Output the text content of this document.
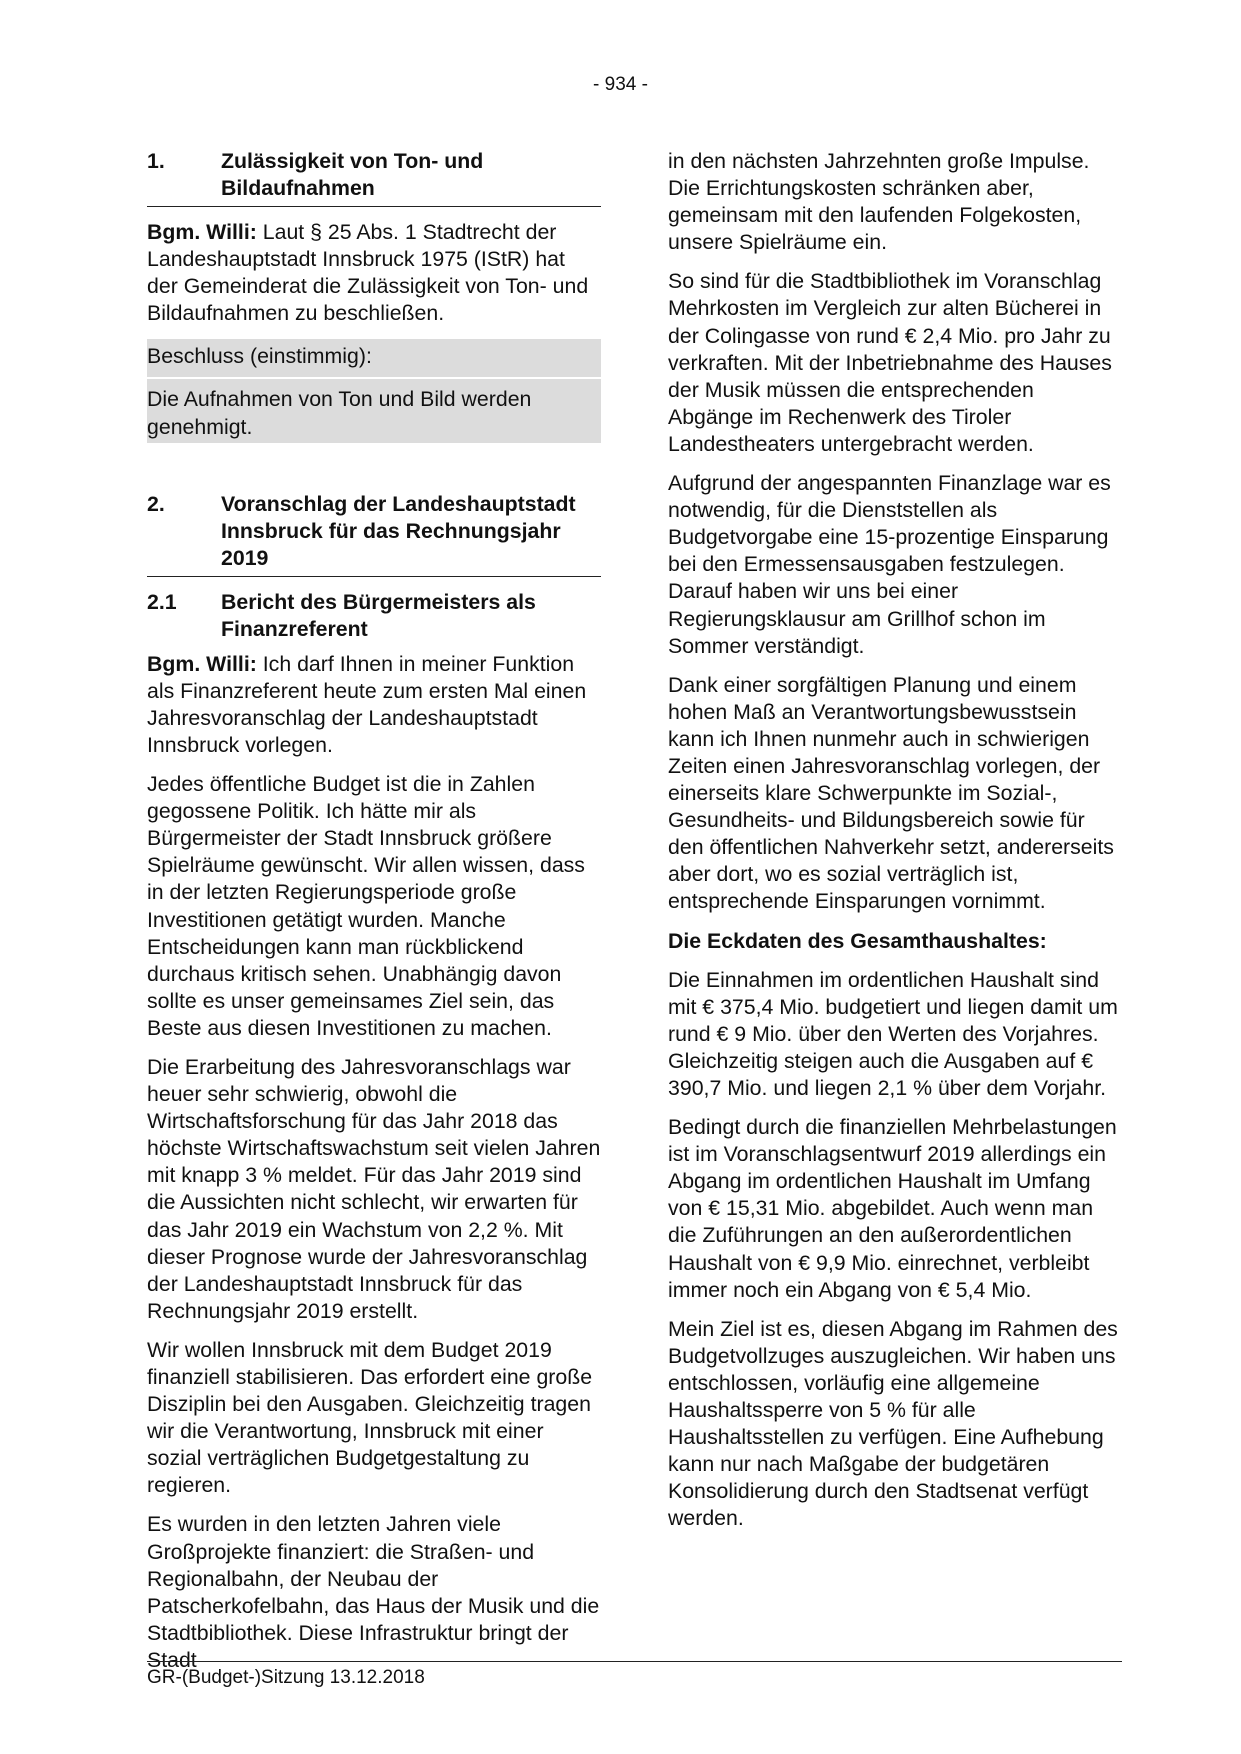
- 934 -
1.	Zulässigkeit von Ton- und Bildaufnahmen

Bgm. Willi: Laut § 25 Abs. 1 Stadtrecht der Landeshauptstadt Innsbruck 1975 (IStR) hat der Gemeinderat die Zulässigkeit von Ton- und Bildaufnahmen zu beschließen.

Beschluss (einstimmig):

Die Aufnahmen von Ton und Bild werden genehmigt.

2.	Voranschlag der Landeshauptstadt Innsbruck für das Rechnungsjahr 2019
2.1	Bericht des Bürgermeisters als Finanzreferent

Bgm. Willi: Ich darf Ihnen in meiner Funktion als Finanzreferent heute zum ersten Mal einen Jahresvoranschlag der Landeshauptstadt Innsbruck vorlegen.

Jedes öffentliche Budget ist die in Zahlen gegossene Politik. Ich hätte mir als Bürgermeister der Stadt Innsbruck größere Spielräume gewünscht. Wir allen wissen, dass in der letzten Regierungsperiode große Investitionen getätigt wurden. Manche Entscheidungen kann man rückblickend durchaus kritisch sehen. Unabhängig davon sollte es unser gemeinsames Ziel sein, das Beste aus diesen Investitionen zu machen.

Die Erarbeitung des Jahresvoranschlags war heuer sehr schwierig, obwohl die Wirtschaftsforschung für das Jahr 2018 das höchste Wirtschaftswachstum seit vielen Jahren mit knapp 3 % meldet. Für das Jahr 2019 sind die Aussichten nicht schlecht, wir erwarten für das Jahr 2019 ein Wachstum von 2,2 %. Mit dieser Prognose wurde der Jahresvoranschlag der Landeshauptstadt Innsbruck für das Rechnungsjahr 2019 erstellt.

Wir wollen Innsbruck mit dem Budget 2019 finanziell stabilisieren. Das erfordert eine große Disziplin bei den Ausgaben. Gleichzeitig tragen wir die Verantwortung, Innsbruck mit einer sozial verträglichen Budgetgestaltung zu regieren.

Es wurden in den letzten Jahren viele Großprojekte finanziert: die Straßen- und Regionalbahn, der Neubau der Patscherkofelbahn, das Haus der Musik und die Stadtbibliothek. Diese Infrastruktur bringt der Stadt

in den nächsten Jahrzehnten große Impulse. Die Errichtungskosten schränken aber, gemeinsam mit den laufenden Folgekosten, unsere Spielräume ein.

So sind für die Stadtbibliothek im Voranschlag Mehrkosten im Vergleich zur alten Bücherei in der Colingasse von rund € 2,4 Mio. pro Jahr zu verkraften. Mit der Inbetriebnahme des Hauses der Musik müssen die entsprechenden Abgänge im Rechenwerk des Tiroler Landestheaters untergebracht werden.

Aufgrund der angespannten Finanzlage war es notwendig, für die Dienststellen als Budgetvorgabe eine 15-prozentige Einsparung bei den Ermessensausgaben festzulegen. Darauf haben wir uns bei einer Regierungsklausur am Grillhof schon im Sommer verständigt.

Dank einer sorgfältigen Planung und einem hohen Maß an Verantwortungsbewusstsein kann ich Ihnen nunmehr auch in schwierigen Zeiten einen Jahresvoranschlag vorlegen, der einerseits klare Schwerpunkte im Sozial-, Gesundheits- und Bildungsbereich sowie für den öffentlichen Nahverkehr setzt, andererseits aber dort, wo es sozial verträglich ist, entsprechende Einsparungen vornimmt.

Die Eckdaten des Gesamthaushaltes:

Die Einnahmen im ordentlichen Haushalt sind mit € 375,4 Mio. budgetiert und liegen damit um rund € 9 Mio. über den Werten des Vorjahres. Gleichzeitig steigen auch die Ausgaben auf € 390,7 Mio. und liegen 2,1 % über dem Vorjahr.

Bedingt durch die finanziellen Mehrbelastungen ist im Voranschlagsentwurf 2019 allerdings ein Abgang im ordentlichen Haushalt im Umfang von € 15,31 Mio. abgebildet. Auch wenn man die Zuführungen an den außerordentlichen Haushalt von € 9,9 Mio. einrechnet, verbleibt immer noch ein Abgang von € 5,4 Mio.

Mein Ziel ist es, diesen Abgang im Rahmen des Budgetvollzuges auszugleichen. Wir haben uns entschlossen, vorläufig eine allgemeine Haushaltssperre von 5 % für alle Haushaltsstellen zu verfügen. Eine Aufhebung kann nur nach Maßgabe der budgetären Konsolidierung durch den Stadtsenat verfügt werden.

GR-(Budget-)Sitzung 13.12.2018
